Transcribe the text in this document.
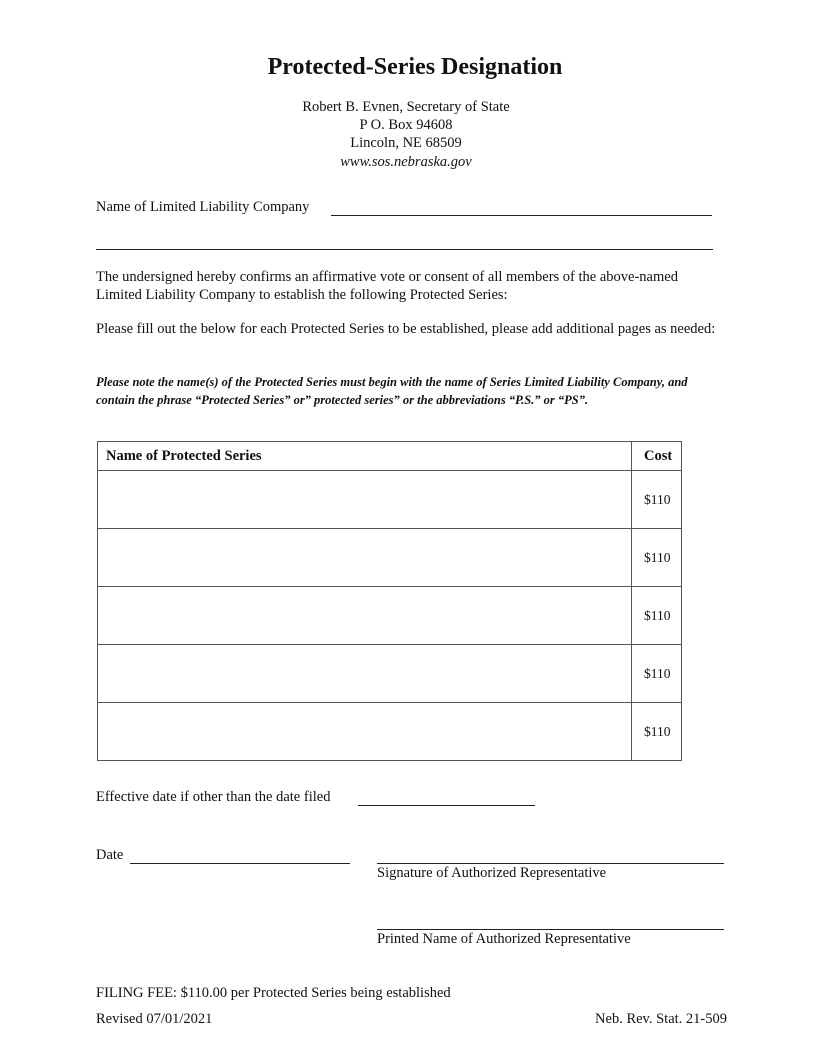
Protected-Series Designation
Robert B. Evnen, Secretary of State
P O. Box 94608
Lincoln, NE 68509
www.sos.nebraska.gov
Name of Limited Liability Company
The undersigned hereby confirms an affirmative vote or consent of all members of the above-named Limited Liability Company to establish the following Protected Series:
Please fill out the below for each Protected Series to be established, please add additional pages as needed:
Please note the name(s) of the Protected Series must begin with the name of Series Limited Liability Company, and contain the phrase “Protected Series” or” protected series” or the abbreviations “P.S.” or “PS”.
Name of Protected Series	Cost
	$110
	$110
	$110
	$110
	$110
Effective date if other than the date filed
Date
Signature of Authorized Representative
Printed Name of Authorized Representative
FILING FEE: $110.00 per Protected Series being established
Revised 07/01/2021	Neb. Rev. Stat. 21-509
